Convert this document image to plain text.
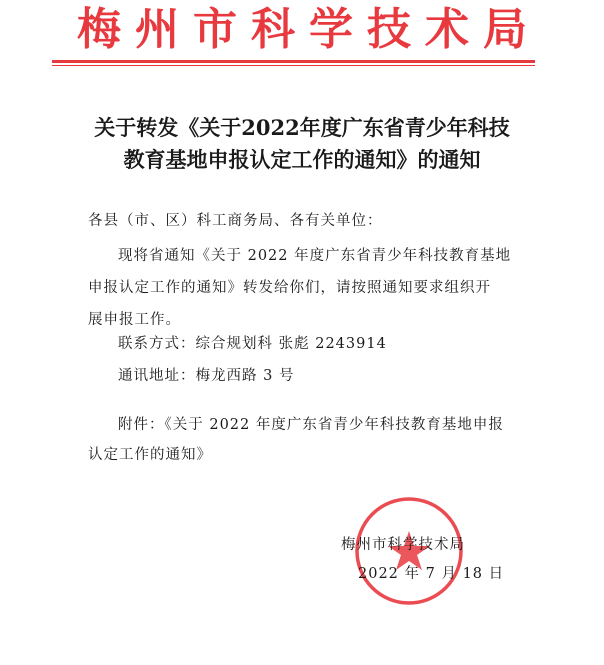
梅州市科学技术局
关于转发《关于2022年度广东省青少年科技
教育基地申报认定工作的通知》的通知
各县（市、区）科工商务局、各有关单位：
现将省通知《关于 2022 年度广东省青少年科技教育基地
申报认定工作的通知》转发给你们，请按照通知要求组织开
展申报工作。
联系方式：综合规划科 张彪 2243914
通讯地址：梅龙西路 3 号
附件：《关于 2022 年度广东省青少年科技教育基地申报
认定工作的通知》
梅州市科学技术局
2022 年 7 月 18 日
